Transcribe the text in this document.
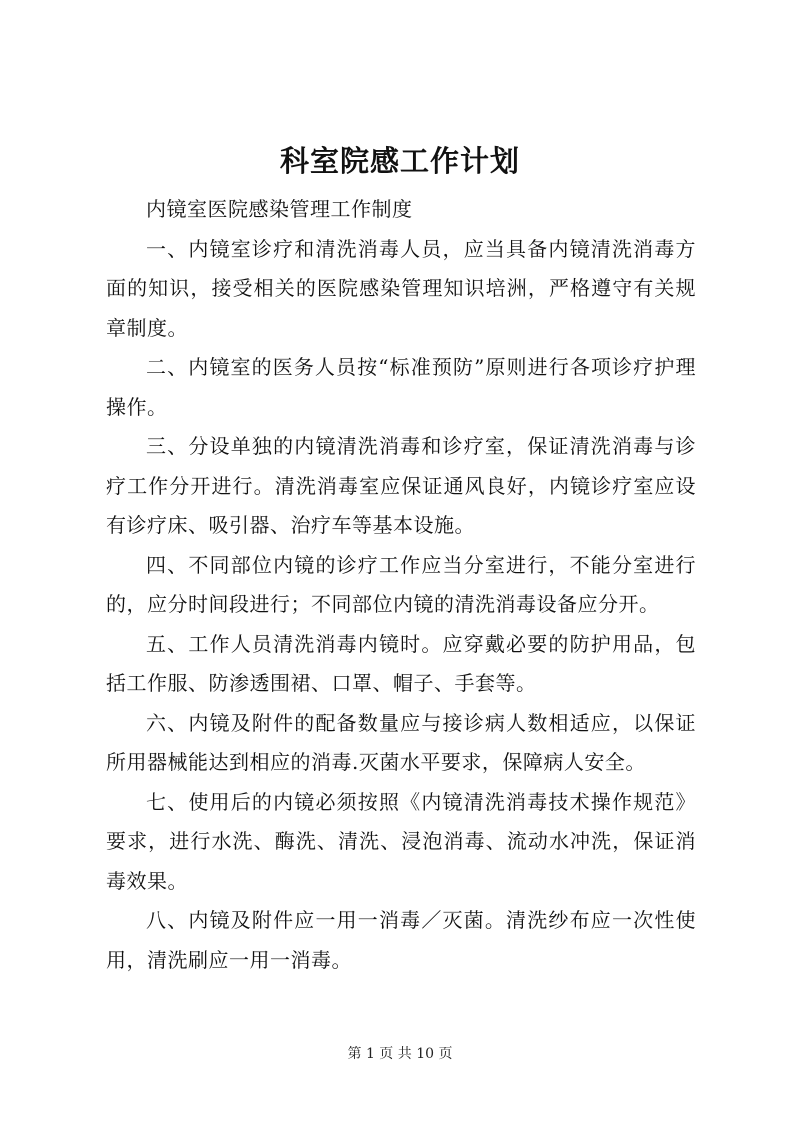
科室院感工作计划

内镜室医院感染管理工作制度

一、内镜室诊疗和清洗消毒人员，应当具备内镜清洗消毒方面的知识，接受相关的医院感染管理知识培洲，严格遵守有关规章制度。

二、内镜室的医务人员按“标准预防”原则进行各项诊疗护理操作。

三、分设单独的内镜清洗消毒和诊疗室，保证清洗消毒与诊疗工作分开进行。清洗消毒室应保证通风良好，内镜诊疗室应设有诊疗床、吸引器、治疗车等基本设施。

四、不同部位内镜的诊疗工作应当分室进行，不能分室进行的，应分时间段进行；不同部位内镜的清洗消毒设备应分开。

五、工作人员清洗消毒内镜时。应穿戴必要的防护用品，包括工作服、防渗透围裙、口罩、帽子、手套等。

六、内镜及附件的配备数量应与接诊病人数相适应，以保证所用器械能达到相应的消毒.灭菌水平要求，保障病人安全。

七、使用后的内镜必须按照《内镜清洗消毒技术操作规范》要求，进行水洗、酶洗、清洗、浸泡消毒、流动水冲洗，保证消毒效果。

八、内镜及附件应一用一消毒／灭菌。清洗纱布应一次性使用，清洗刷应一用一消毒。

第 1 页 共 10 页
